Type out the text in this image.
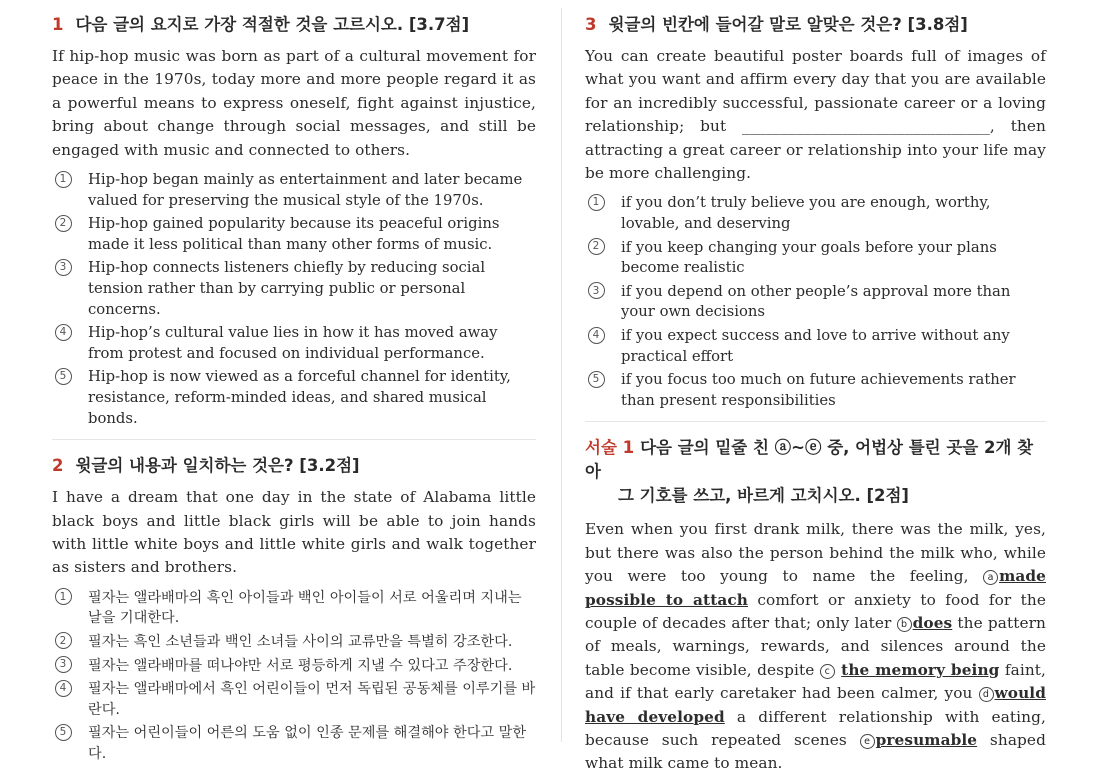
1 다음 글의 요지로 가장 적절한 것을 고르시오. [3.7점]

If hip-hop music was born as part of a cultural movement for peace in the 1970s, today more and more people regard it as a powerful means to express oneself, fight against injustice, bring about change through social messages, and still be engaged with music and connected to others.

1	Hip-hop began mainly as entertainment and later became valued for preserving the musical style of the 1970s.
2	Hip-hop gained popularity because its peaceful origins made it less political than many other forms of music.
3	Hip-hop connects listeners chiefly by reducing social tension rather than by carrying public or personal concerns.
4	Hip-hop’s cultural value lies in how it has moved away from protest and focused on individual performance.
5	Hip-hop is now viewed as a forceful channel for identity, resistance, reform-minded ideas, and shared musical bonds.
2 윗글의 내용과 일치하는 것은? [3.2점]

I have a dream that one day in the state of Alabama little black boys and little black girls will be able to join hands with little white boys and little white girls and walk together as sisters and brothers.

1	필자는 앨라배마의 흑인 아이들과 백인 아이들이 서로 어울리며 지내는 날을 기대한다.
2	필자는 흑인 소년들과 백인 소녀들 사이의 교류만을 특별히 강조한다.
3	필자는 앨라배마를 떠나야만 서로 평등하게 지낼 수 있다고 주장한다.
4	필자는 앨라배마에서 흑인 어린이들이 먼저 독립된 공동체를 이루기를 바란다.
5	필자는 어린이들이 어른의 도움 없이 인종 문제를 해결해야 한다고 말한다.
3 윗글의 빈칸에 들어갈 말로 알맞은 것은? [3.8점]

You can create beautiful poster boards full of images of what you want and affirm every day that you are available for an incredibly successful, passionate career or a loving relationship; but ________________________________, then attracting a great career or relationship into your life may be more challenging.

1	if you don’t truly believe you are enough, worthy, lovable, and deserving
2	if you keep changing your goals before your plans become realistic
3	if you depend on other people’s approval more than your own decisions
4	if you expect success and love to arrive without any practical effort
5	if you focus too much on future achievements rather than present responsibilities
서술 1 다음 글의 밑줄 친 ⓐ~ⓔ 중, 어법상 틀린 곳을 2개 찾아
그 기호를 쓰고, 바르게 고치시오. [2점]

Even when you first drank milk, there was the milk, yes, but there was also the person behind the milk who, while you were too young to name the feeling, a made possible to attach comfort or anxiety to food for the couple of decades after that; only later b does the pattern of meals, warnings, rewards, and silences around the table become visible, despite c the memory being faint, and if that early caretaker had been calmer, you d would have developed a different relationship with eating, because such repeated scenes e presumable shaped what milk came to mean.
